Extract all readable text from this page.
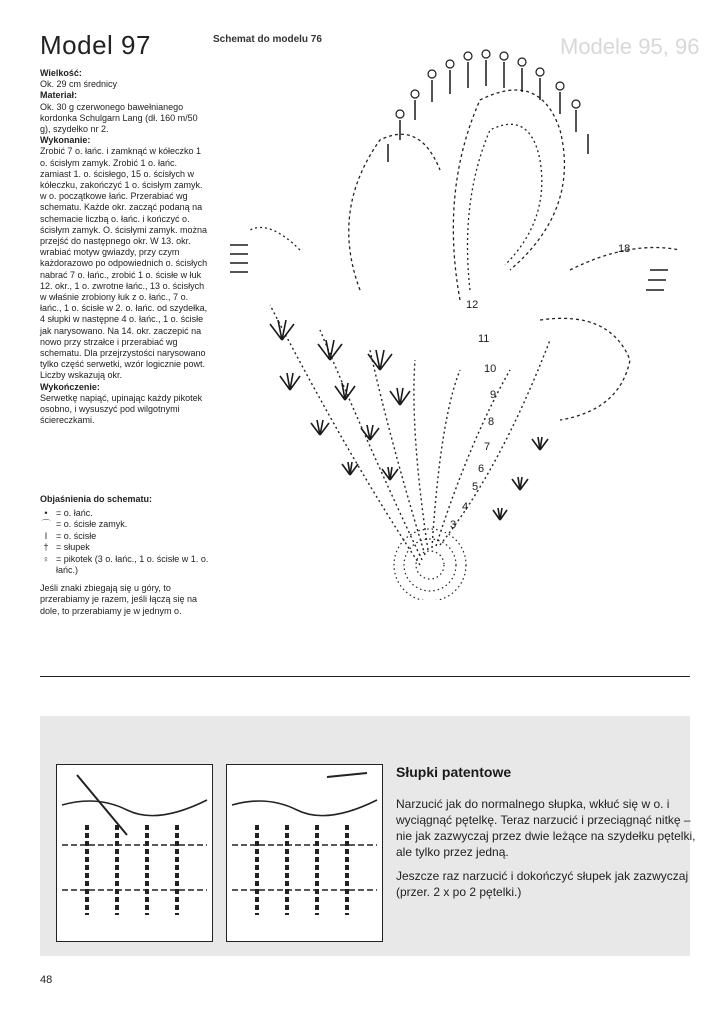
Modele 95, 96
Model 97	Schemat do modelu 76

Wielkość:

Ok. 29 cm średnicy

Materiał:

Ok. 30 g czerwonego bawełnianego kordonka Schulgarn Lang (dł. 160 m/50 g), szydełko nr 2.

Wykonanie:

Zrobić 7 o. łańc. i zamknąć w kółeczko 1 o. ścisłym zamyk. Zrobić 1 o. łańc. zamiast 1. o. ścisłego, 15 o. ścisłych w kółeczku, zakończyć 1 o. ścisłym zamyk. w o. początkowe łańc. Przerabiać wg schematu. Każde okr. zacząć podaną na schemacie liczbą o. łańc. i kończyć o. ścisłym zamyk. O. ścisłymi zamyk. można przejść do następnego okr. W 13. okr. wrabiać motyw gwiazdy, przy czym każdorazowo po odpowiednich o. ścisłych nabrać 7 o. łańc., zrobić 1 o. ścisłe w łuk 12. okr., 1 o. zwrotne łańc., 13 o. ścisłych w właśnie zrobiony łuk z o. łańc., 7 o. łańc., 1 o. ścisłe w 2. o. łańc. od szydełka, 4 słupki w następne 4 o. łańc., 1 o. ścisłe jak narysowano. Na 14. okr. zaczepić na nowo przy strzałce i przerabiać wg schematu. Dla przejrzystości narysowano tylko część serwetki, wzór logicznie powt. Liczby wskazują okr.

Wykończenie:

Serwetkę napiąć, upinając każdy pikotek osobno, i wysuszyć pod wilgotnymi ściereczkami.

Objaśnienia do schematu:
• = o. łańc.
⌒ = o. ścisłe zamyk.
I = o. ścisłe
† = słupek
♀ = pikotek (3 o. łańc., 1 o. ścisłe w 1. o. łańc.)

Jeśli znaki zbiegają się u góry, to przerabiamy je razem, jeśli łączą się na dole, to przerabiamy je w jednym o.

3
4
5
6
7
8
9
10
11
12
18
Słupki patentowe

Narzucić jak do normalnego słupka, wkłuć się w o. i wyciągnąć pętelkę. Teraz narzucić i przeciągnąć nitkę – nie jak zazwyczaj przez dwie leżące na szydełku pętelki, ale tylko przez jedną.

Jeszcze raz narzucić i dokończyć słupek jak zazwyczaj (przer. 2 x po 2 pętelki.)

48
